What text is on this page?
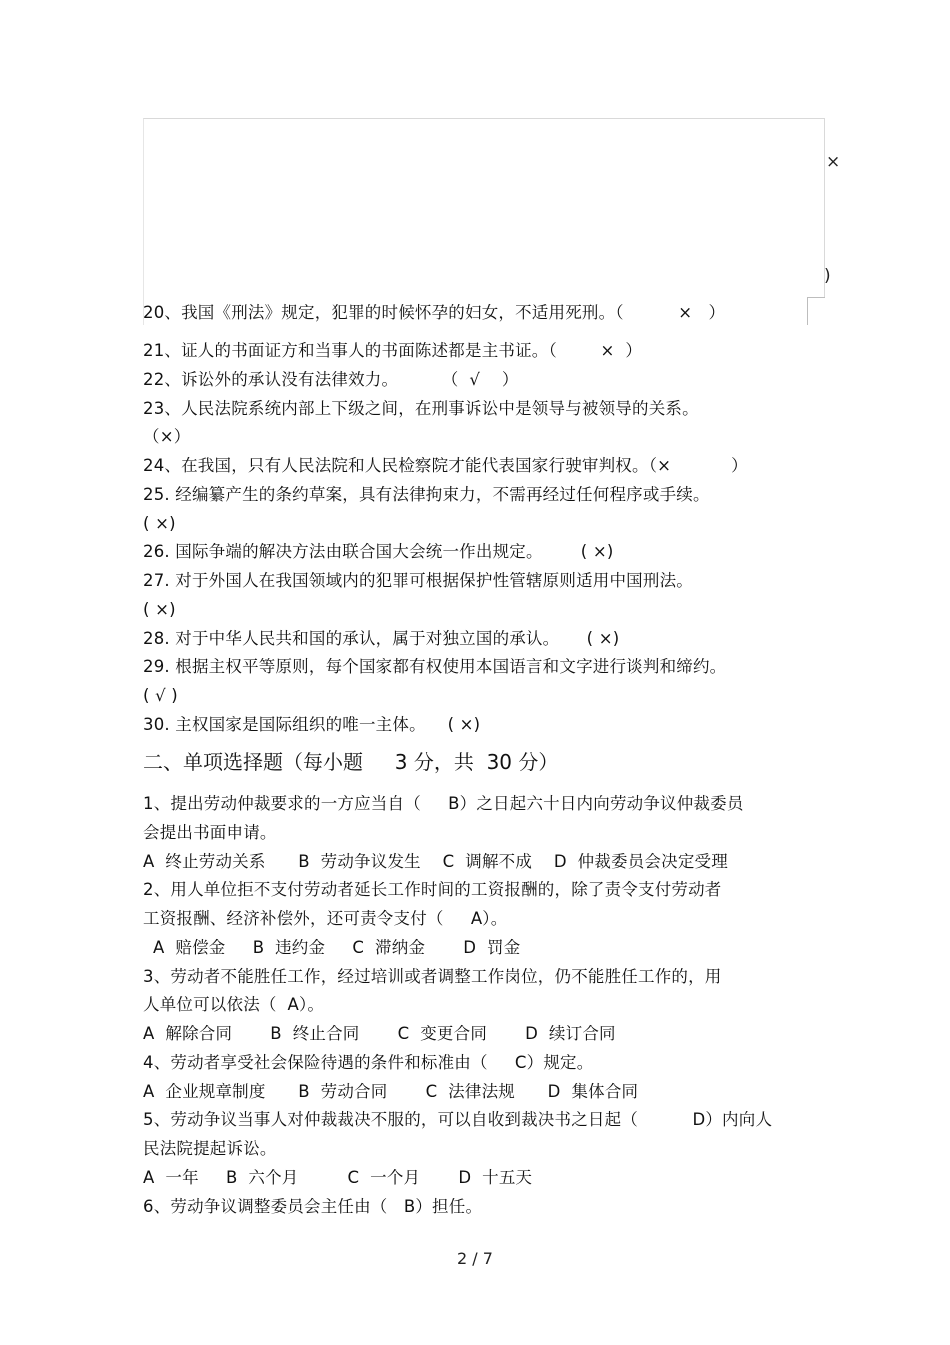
×
)
20、我国《刑法》规定，犯罪的时候怀孕的妇女，不适用死刑。（          ×   ）
21、证人的书面证方和当事人的书面陈述都是主书证。（        ×  ）
22、诉讼外的承认没有法律效力。        （  √    ）
23、人民法院系统内部上下级之间，在刑事诉讼中是领导与被领导的关系。
（×）
24、在我国，只有人民法院和人民检察院才能代表国家行驶审判权。（×           ）
25. 经编纂产生的条约草案，具有法律拘束力，不需再经过任何程序或手续。
( ×)
26. 国际争端的解决方法由联合国大会统一作出规定。       ( ×)
27. 对于外国人在我国领域内的犯罪可根据保护性管辖原则适用中国刑法。
( ×)
28. 对于中华人民共和国的承认，属于对独立国的承认。     ( ×)
29. 根据主权平等原则，每个国家都有权使用本国语言和文字进行谈判和缔约。
( √ )
30. 主权国家是国际组织的唯一主体。    ( ×)
二、单项选择题（每小题     3 分，共  30 分）
1、提出劳动仲裁要求的一方应当自（     B）之日起六十日内向劳动争议仲裁委员
会提出书面申请。
A  终止劳动关系      B  劳动争议发生    C  调解不成    D  仲裁委员会决定受理
2、用人单位拒不支付劳动者延长工作时间的工资报酬的，除了责令支付劳动者
工资报酬、经济补偿外，还可责令支付（     A）。
A  赔偿金     B  违约金     C  滞纳金       D  罚金
3、劳动者不能胜任工作，经过培训或者调整工作岗位，仍不能胜任工作的，用
人单位可以依法（  A）。
A  解除合同       B  终止合同       C  变更合同       D  续订合同
4、劳动者享受社会保险待遇的条件和标准由（     C）规定。
A  企业规章制度      B  劳动合同       C  法律法规      D  集体合同
5、劳动争议当事人对仲裁裁决不服的，可以自收到裁决书之日起（          D）内向人
民法院提起诉讼。
A  一年     B  六个月         C  一个月       D  十五天
6、劳动争议调整委员会主任由（   B）担任。
2 / 7
